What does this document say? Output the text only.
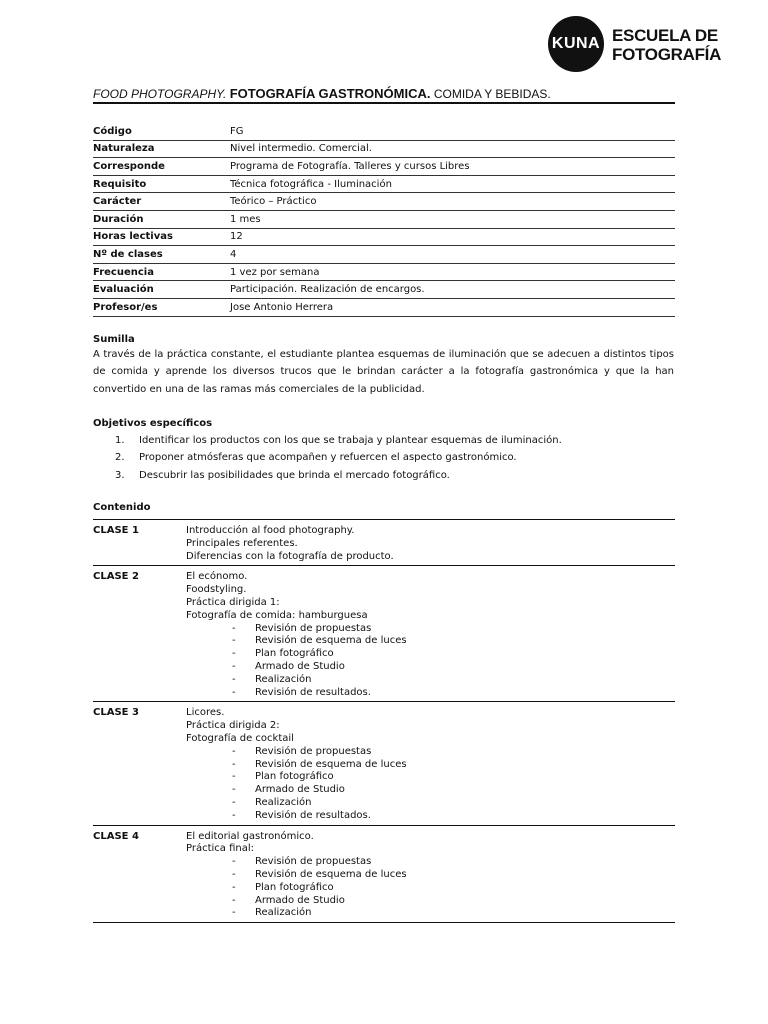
KUNA ESCUELA DE
FOTOGRAFÍA
FOOD PHOTOGRAPHY. FOTOGRAFÍA GASTRONÓMICA. COMIDA Y BEBIDAS.
Código	FG
Naturaleza	Nivel intermedio. Comercial.
Corresponde	Programa de Fotografía. Talleres y cursos Libres
Requisito	Técnica fotográfica - Iluminación
Carácter	Teórico – Práctico
Duración	1 mes
Horas lectivas	12
Nº de clases	4
Frecuencia	1 vez por semana
Evaluación	Participación. Realización de encargos.
Profesor/es	Jose Antonio Herrera
Sumilla
A través de la práctica constante, el estudiante plantea esquemas de iluminación que se adecuen a distintos tipos de comida y aprende los diversos trucos que le brindan carácter a la fotografía gastronómica y que la han convertido en una de las ramas más comerciales de la publicidad.
Objetivos específicos
1. Identificar los productos con los que se trabaja y plantear esquemas de iluminación.
2. Proponer atmósferas que acompañen y refuercen el aspecto gastronómico.
3. Descubrir las posibilidades que brinda el mercado fotográfico.
Contenido
CLASE 1	Introducción al food photography.
Principales referentes.
Diferencias con la fotografía de producto.
CLASE 2	El ecónomo.
Foodstyling.
Práctica dirigida 1:
Fotografía de comida: hamburguesa
- Revisión de propuestas
- Revisión de esquema de luces
- Plan fotográfico
- Armado de Studio
- Realización
- Revisión de resultados.
CLASE 3	Licores.
Práctica dirigida 2:
Fotografía de cocktail
- Revisión de propuestas
- Revisión de esquema de luces
- Plan fotográfico
- Armado de Studio
- Realización
- Revisión de resultados.
CLASE 4	El editorial gastronómico.
Práctica final:
- Revisión de propuestas
- Revisión de esquema de luces
- Plan fotográfico
- Armado de Studio
- Realización
